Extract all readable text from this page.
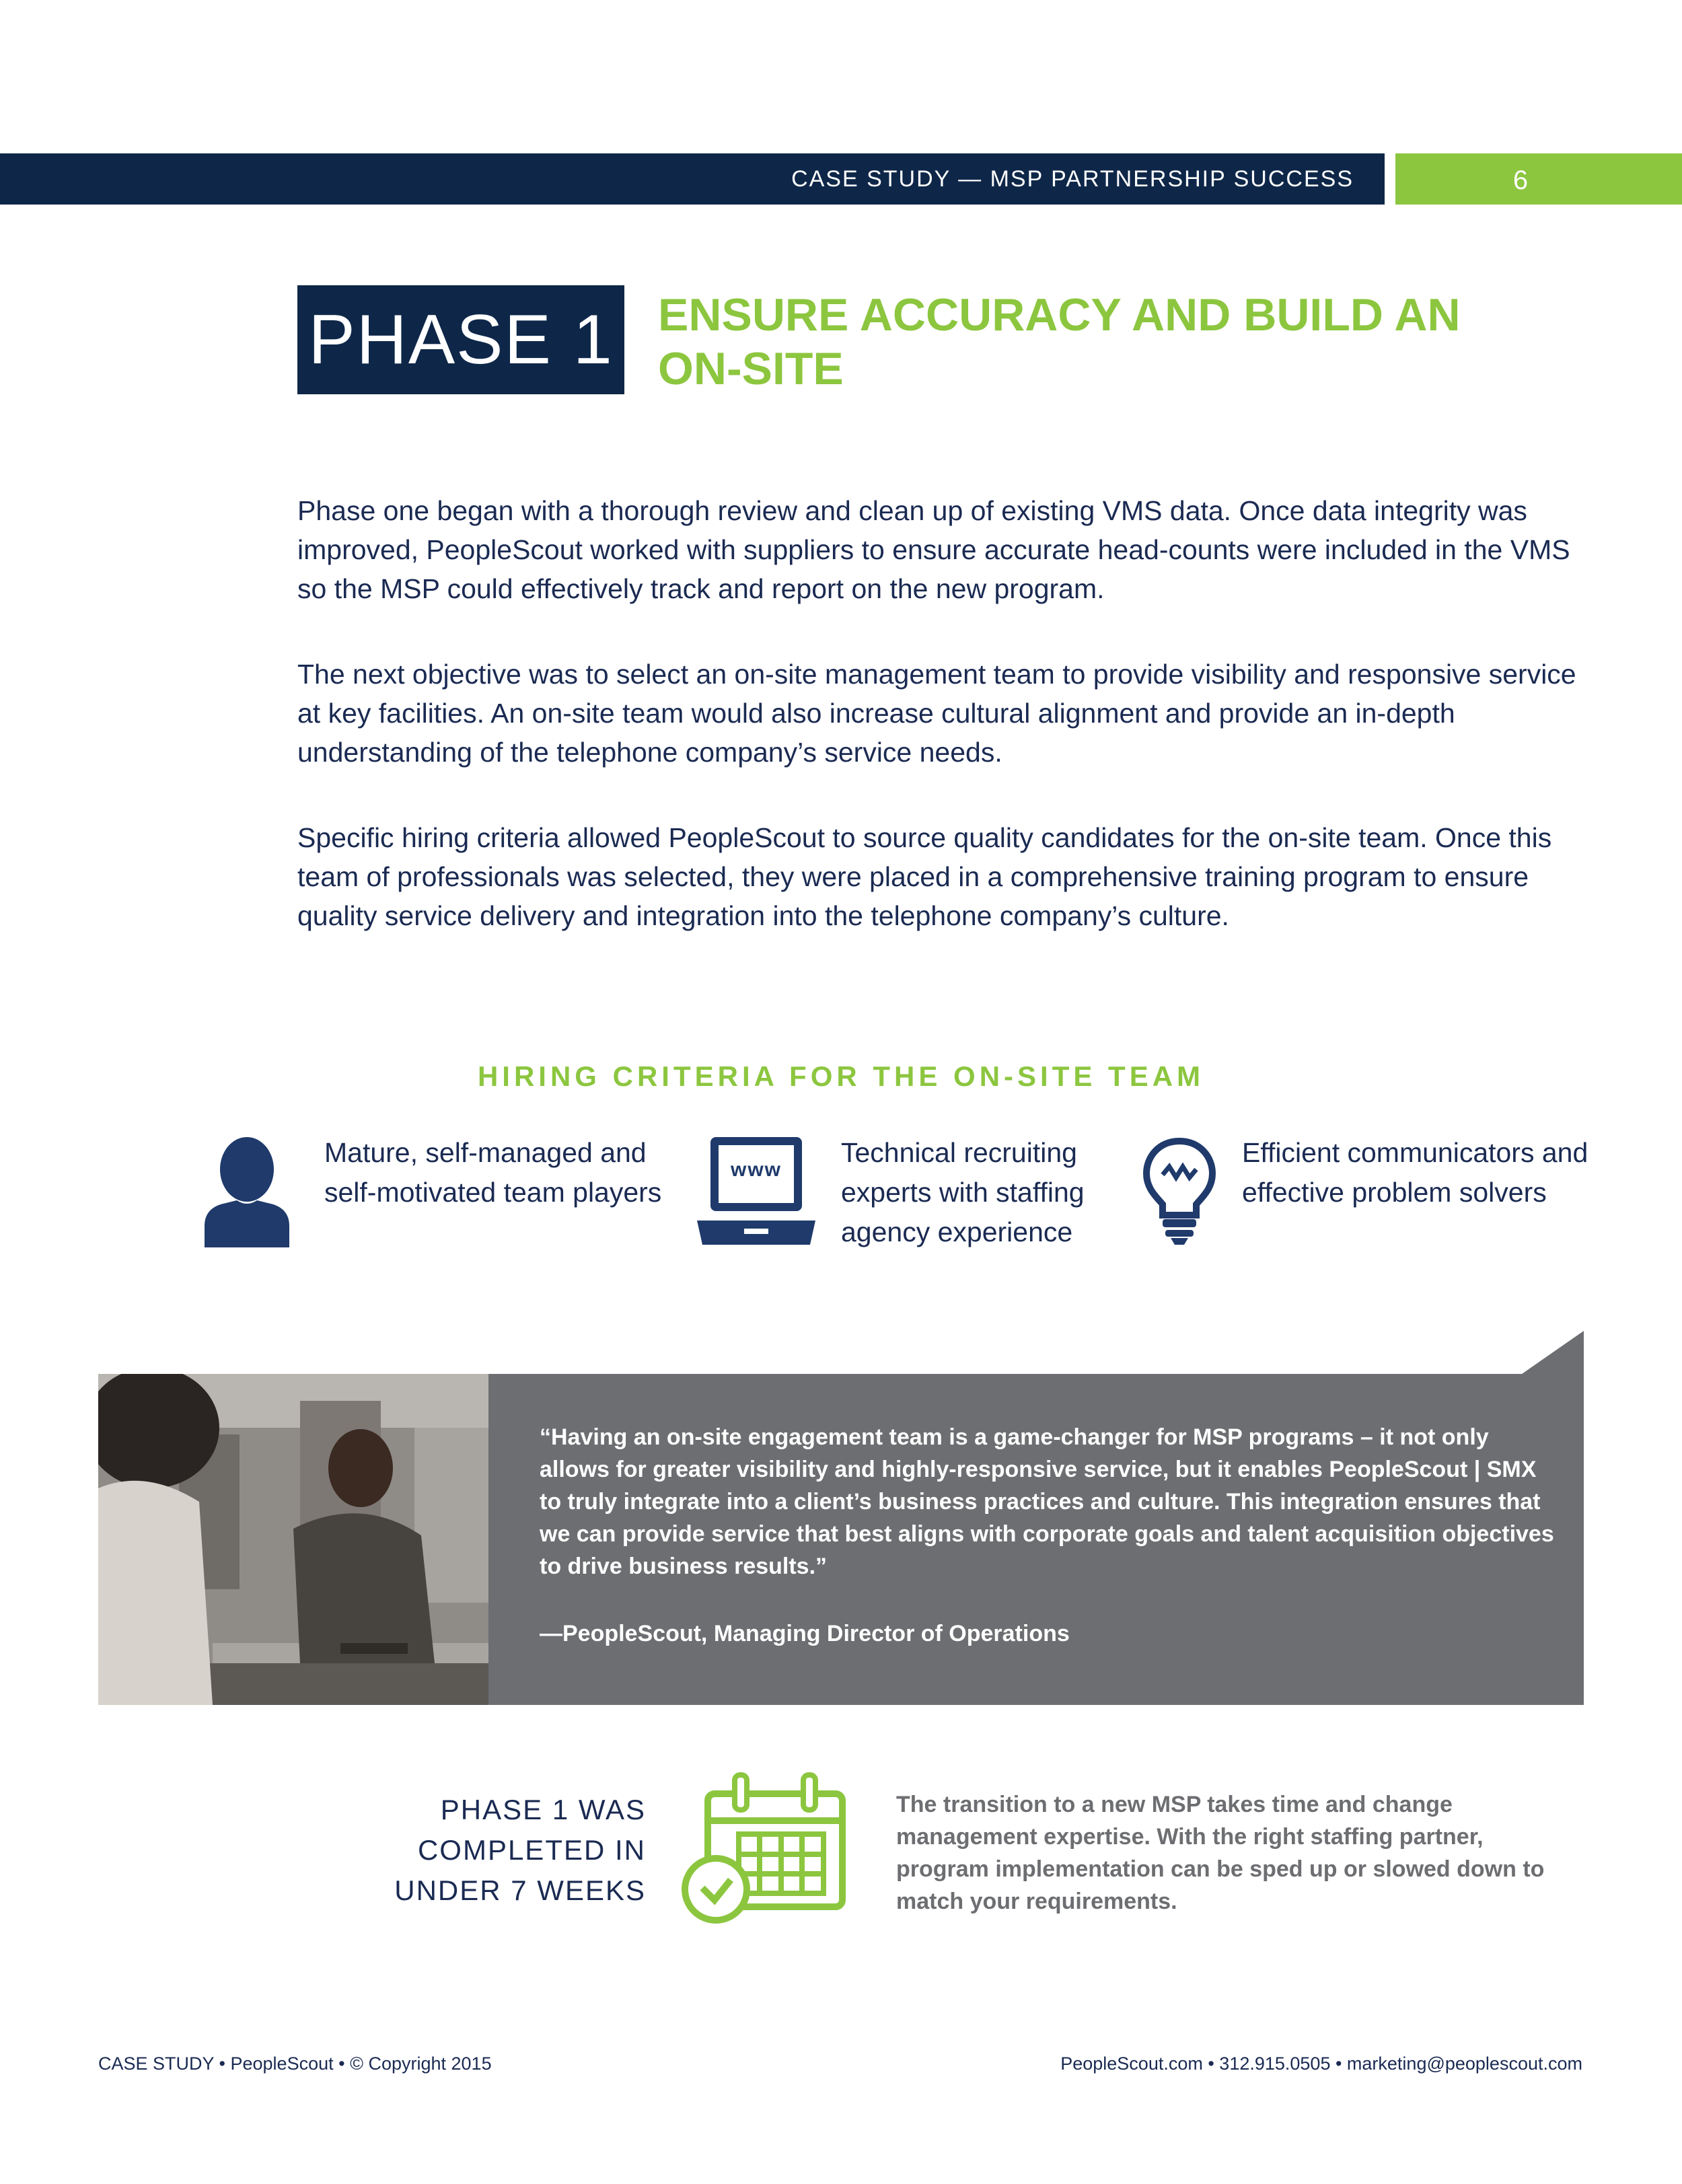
CASE STUDY — MSP PARTNERSHIP SUCCESS	6
PHASE 1 ENSURE ACCURACY AND BUILD AN ON-SITE
Phase one began with a thorough review and clean up of existing VMS data. Once data integrity was improved, PeopleScout worked with suppliers to ensure accurate head-counts were included in the VMS so the MSP could effectively track and report on the new program.
The next objective was to select an on-site management team to provide visibility and responsive service at key facilities. An on-site team would also increase cultural alignment and provide an in-depth understanding of the telephone company’s service needs.
Specific hiring criteria allowed PeopleScout to source quality candidates for the on-site team. Once this team of professionals was selected, they were placed in a comprehensive training program to ensure quality service delivery and integration into the telephone company’s culture.
HIRING CRITERIA FOR THE ON-SITE TEAM
Mature, self-managed and self-motivated team players
www
Technical recruiting experts with staffing agency experience
Efficient communicators and effective problem solvers
“Having an on-site engagement team is a game-changer for MSP programs – it not only allows for greater visibility and highly-responsive service, but it enables PeopleScout | SMX to truly integrate into a client’s business practices and culture. This integration ensures that we can provide service that best aligns with corporate goals and talent acquisition objectives to drive business results.”
—PeopleScout, Managing Director of Operations
PHASE 1 WAS COMPLETED IN UNDER 7 WEEKS
The transition to a new MSP takes time and change management expertise. With the right staffing partner, program implementation can be sped up or slowed down to match your requirements.
CASE STUDY • PeopleScout • © Copyright 2015	PeopleScout.com • 312.915.0505 • marketing@peoplescout.com
